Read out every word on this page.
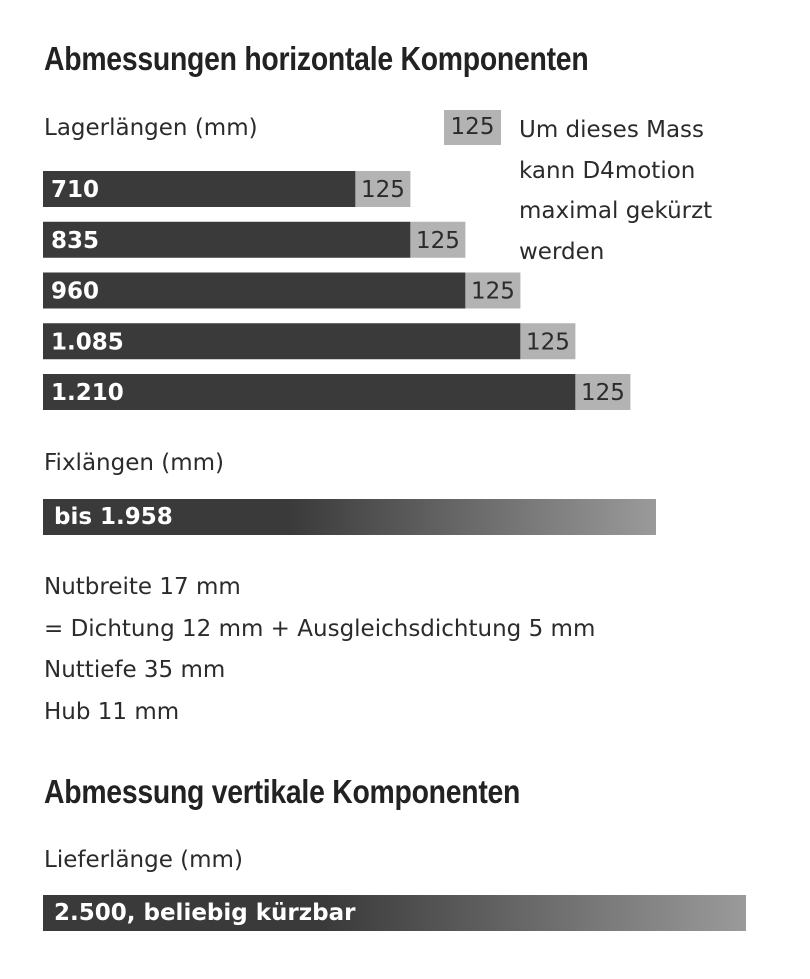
Abmessungen horizontale Komponenten
Lagerlängen (mm)	125 Um dieses Mass
kann D4motion
maximal gekürzt
werden
710	125
835	125
960	125
1.085	125
1.210	125
Fixlängen (mm)
bis 1.958
Nutbreite 17 mm
= Dichtung 12 mm + Ausgleichsdichtung 5 mm
Nuttiefe 35 mm
Hub 11 mm
Abmessung vertikale Komponenten
Lieferlänge (mm)
2.500, beliebig kürzbar
